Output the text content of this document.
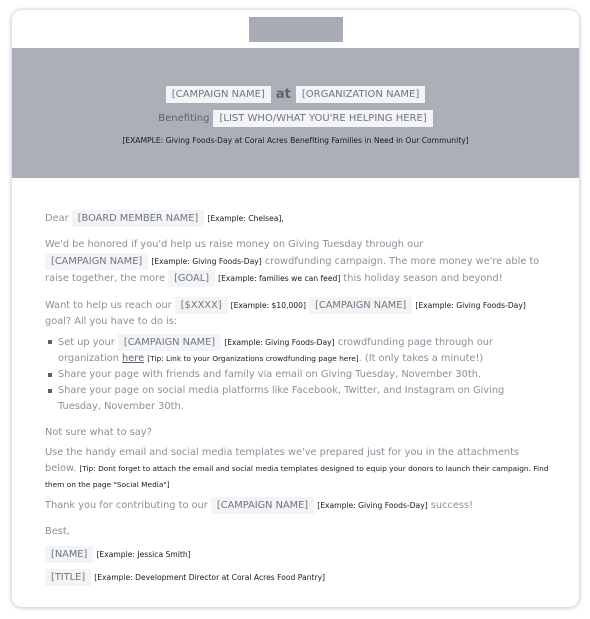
[CAMPAIGN NAME] at [ORGANIZATION NAME]
Benefiting [LIST WHO/WHAT YOU'RE HELPING HERE]
[EXAMPLE: Giving Foods-Day at Coral Acres Benefiting Families in Need in Our Community]

Dear [BOARD MEMBER NAME] [Example: Chelsea],

We'd be honored if you'd help us raise money on Giving Tuesday through our
[CAMPAIGN NAME] [Example: Giving Foods-Day] crowdfunding campaign. The more money we're able to raise together, the more [GOAL] [Example: families we can feed] this holiday season and beyond!

Want to help us reach our [$XXXX] [Example: $10,000] [CAMPAIGN NAME] [Example: Giving Foods-Day]
goal? All you have to do is:

Set up your [CAMPAIGN NAME] [Example: Giving Foods-Day] crowdfunding page through our organization here [Tip: Link to your Organizations crowdfunding page here]. (It only takes a minute!)
Share your page with friends and family via email on Giving Tuesday, November 30th.
Share your page on social media platforms like Facebook, Twitter, and Instagram on Giving Tuesday, November 30th.

Not sure what to say?

Use the handy email and social media templates we've prepared just for you in the attachments below. [Tip: Dont forget to attach the email and social media templates designed to equip your donors to launch their campaign. Find them on the page "Social Media"]

Thank you for contributing to our [CAMPAIGN NAME] [Example: Giving Foods-Day] success!

Best,

[NAME] [Example: Jessica Smith]

[TITLE] [Example: Development Director at Coral Acres Food Pantry]
